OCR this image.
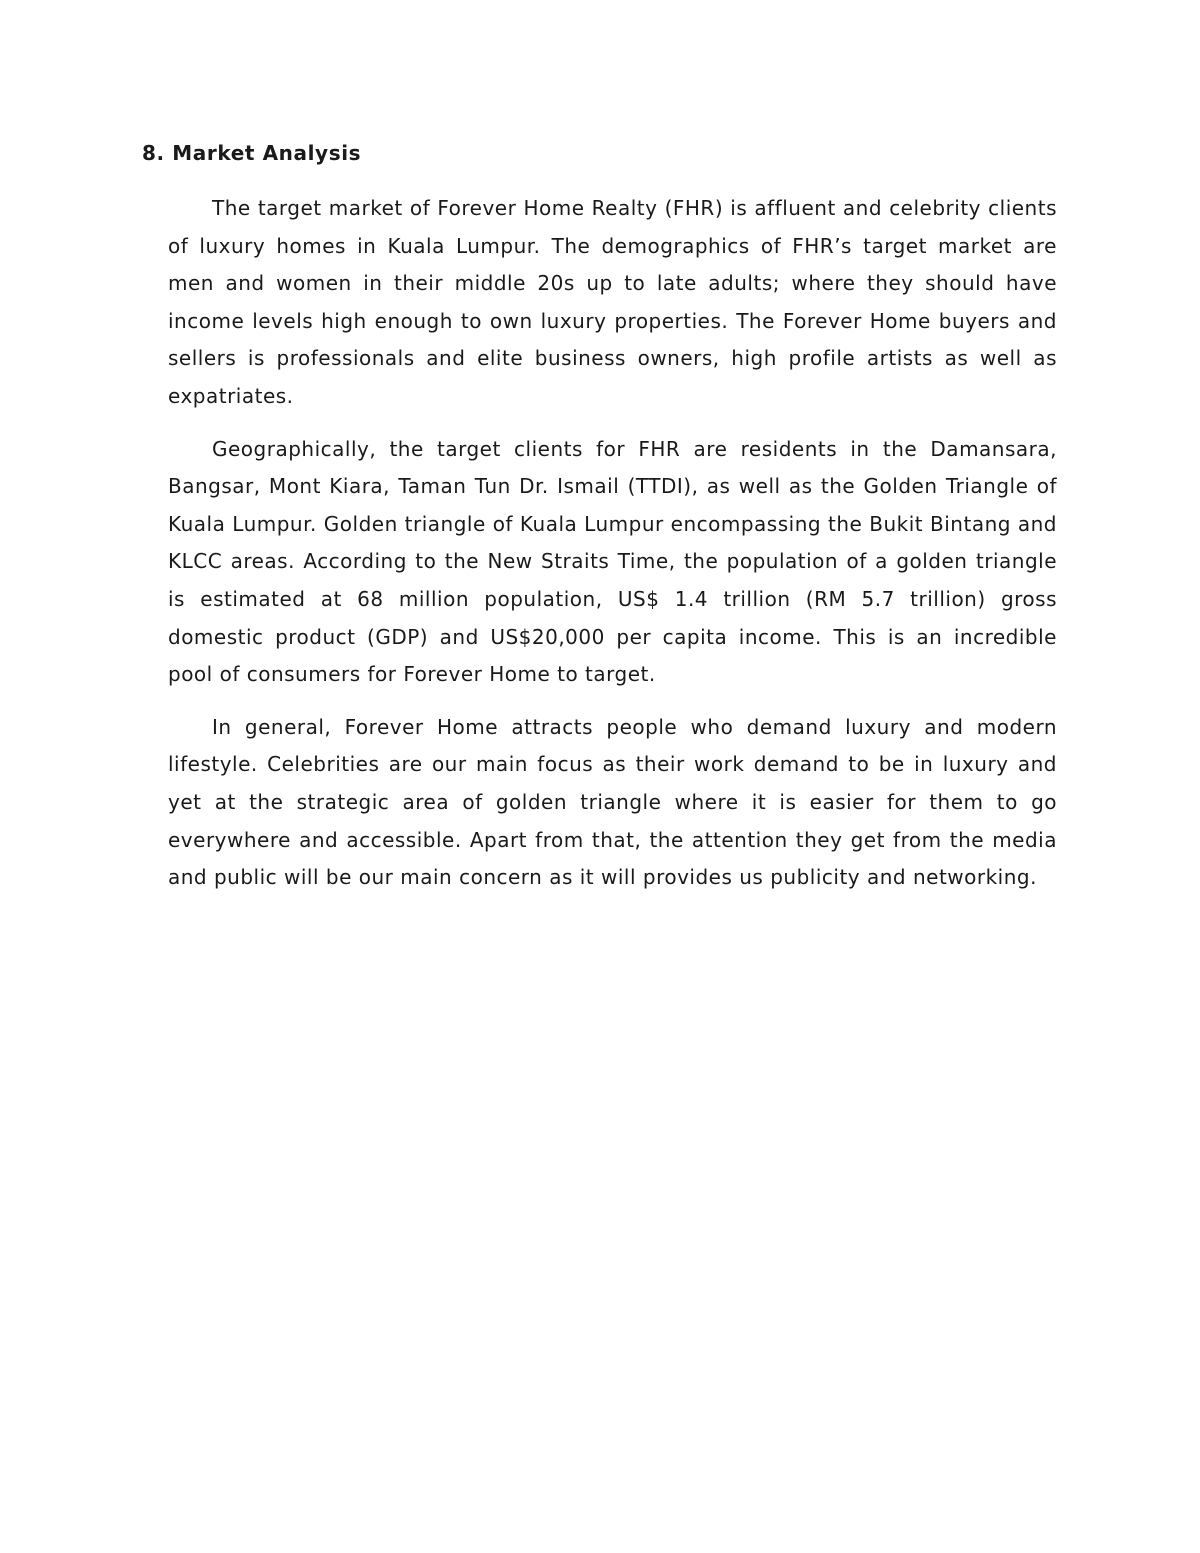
8. Market Analysis

The target market of Forever Home Realty (FHR) is affluent and celebrity clients of luxury homes in Kuala Lumpur. The demographics of FHR’s target market are men and women in their middle 20s up to late adults; where they should have income levels high enough to own luxury properties. The Forever Home buyers and sellers is professionals and elite business owners, high profile artists as well as expatriates.

Geographically, the target clients for FHR are residents in the Damansara, Bangsar, Mont Kiara, Taman Tun Dr. Ismail (TTDI), as well as the Golden Triangle of Kuala Lumpur. Golden triangle of Kuala Lumpur encompassing the Bukit Bintang and KLCC areas. According to the New Straits Time, the population of a golden triangle is estimated at 68 million population, US$ 1.4 trillion (RM 5.7 trillion) gross domestic product (GDP) and US$20,000 per capita income. This is an incredible pool of consumers for Forever Home to target.

In general, Forever Home attracts people who demand luxury and modern lifestyle. Celebrities are our main focus as their work demand to be in luxury and yet at the strategic area of golden triangle where it is easier for them to go everywhere and accessible. Apart from that, the attention they get from the media and public will be our main concern as it will provides us publicity and networking.
